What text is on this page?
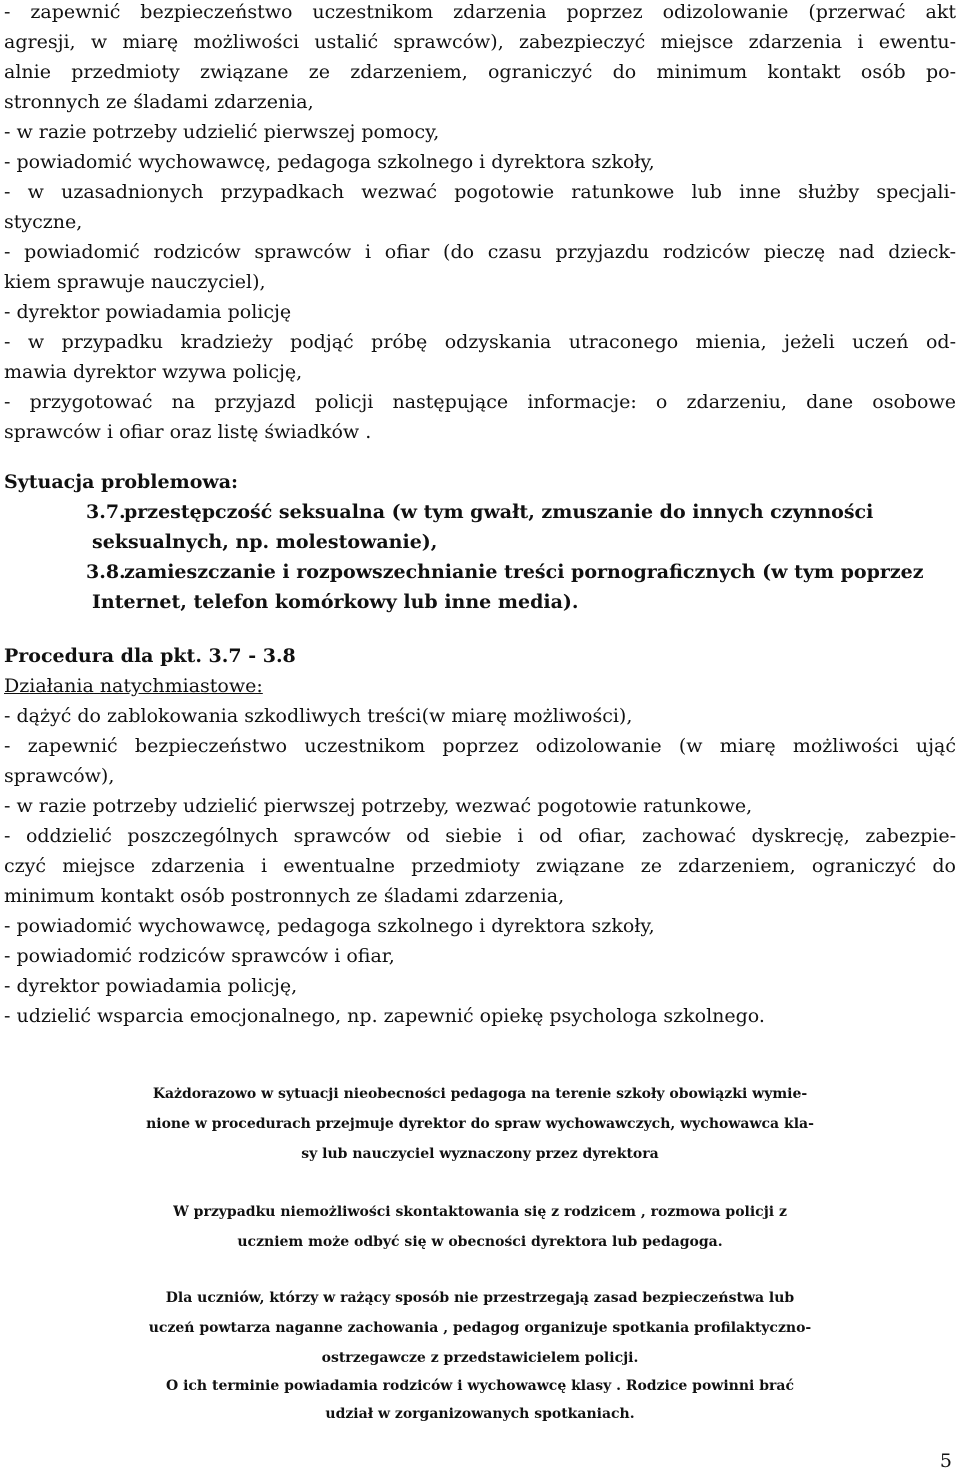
- zapewnić bezpieczeństwo uczestnikom zdarzenia poprzez odizolowanie (przerwać akt
agresji, w miarę możliwości ustalić sprawców), zabezpieczyć miejsce zdarzenia i ewentu-
alnie przedmioty związane ze zdarzeniem, ograniczyć do minimum kontakt osób po-
stronnych ze śladami zdarzenia,
- w razie potrzeby udzielić pierwszej pomocy,
- powiadomić wychowawcę, pedagoga szkolnego i dyrektora szkoły,
- w uzasadnionych przypadkach wezwać pogotowie ratunkowe lub inne służby specjali-
styczne,
- powiadomić rodziców sprawców i ofiar (do czasu przyjazdu rodziców pieczę nad dzieck-
kiem sprawuje nauczyciel),
- dyrektor powiadamia policję
- w przypadku kradzieży podjąć próbę odzyskania utraconego mienia, jeżeli uczeń od-
mawia dyrektor wzywa policję,
- przygotować na przyjazd policji następujące informacje: o zdarzeniu, dane osobowe
sprawców i ofiar oraz listę świadków .
Sytuacja problemowa:
3.7.
przestępczość seksualna (w tym gwałt, zmuszanie do innych czynności
seksualnych, np. molestowanie),
3.8.
zamieszczanie i rozpowszechnianie treści pornograficznych (w tym poprzez
Internet, telefon komórkowy lub inne media).
Procedura dla pkt. 3.7 - 3.8
Działania natychmiastowe:
- dążyć do zablokowania szkodliwych treści(w miarę możliwości),
- zapewnić bezpieczeństwo uczestnikom poprzez odizolowanie (w miarę możliwości ująć
sprawców),
- w razie potrzeby udzielić pierwszej potrzeby, wezwać pogotowie ratunkowe,
- oddzielić poszczególnych sprawców od siebie i od ofiar, zachować dyskrecję, zabezpie-
czyć miejsce zdarzenia i ewentualne przedmioty związane ze zdarzeniem, ograniczyć do
minimum kontakt osób postronnych ze śladami zdarzenia,
- powiadomić wychowawcę, pedagoga szkolnego i dyrektora szkoły,
- powiadomić rodziców sprawców i ofiar,
- dyrektor powiadamia policję,
- udzielić wsparcia emocjonalnego, np. zapewnić opiekę psychologa szkolnego.
Każdorazowo w sytuacji nieobecności pedagoga na terenie szkoły obowiązki wymie-
nione w procedurach przejmuje dyrektor do spraw wychowawczych, wychowawca kla-
sy lub nauczyciel wyznaczony przez dyrektora
W przypadku niemożliwości skontaktowania się z rodzicem , rozmowa policji z
uczniem może odbyć się w obecności dyrektora lub pedagoga.
Dla uczniów, którzy w rażący sposób nie przestrzegają zasad bezpieczeństwa lub
uczeń powtarza naganne zachowania , pedagog organizuje spotkania profilaktyczno-
ostrzegawcze z przedstawicielem policji.
O ich terminie powiadamia rodziców i wychowawcę klasy . Rodzice powinni brać
udział w zorganizowanych spotkaniach.
5
